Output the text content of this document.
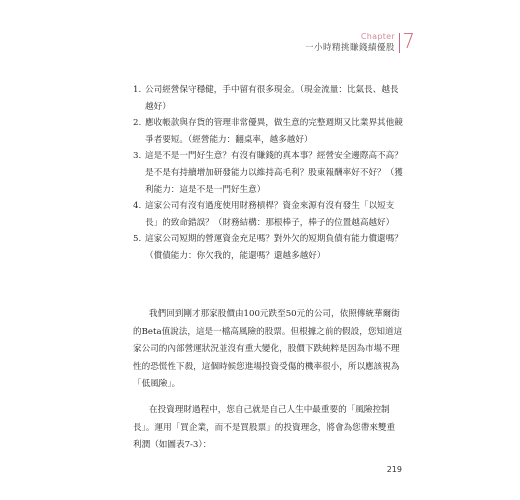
Chapter
一小時精挑賺錢績優股 7
1. 公司經營保守穩健，手中留有很多現金。（現金流量：比氣長、越長越好）
2. 應收帳款與存貨的管理非常優異，做生意的完整週期又比業界其他競爭者要短。（經營能力：翻桌率，越多越好）
3. 這是不是一門好生意？有沒有賺錢的真本事？經營安全邊際高不高？是不是有持續增加研發能力以維持高毛利？股東報酬率好不好？（獲利能力：這是不是一門好生意）
4. 這家公司有沒有過度使用財務槓桿？資金來源有沒有發生「以短支長」的致命錯誤？（財務結構：那根棒子，棒子的位置越高越好）
5. 這家公司短期的營運資金充足嗎？對外欠的短期負債有能力償還嗎？（償債能力：你欠我的，能還嗎？還越多越好）

我們回到剛才那家股價由100元跌至50元的公司，依照傳統華爾街的Beta值說法，這是一檔高風險的股票。但根據之前的假設，您知道這家公司的內部營運狀況並沒有重大變化，股價下跌純粹是因為市場不理性的恐慌性下殺，這個時候您進場投資受傷的機率很小，所以應該視為「低風險」。

在投資理財過程中，您自己就是自己人生中最重要的「風險控制長」。運用「買企業，而不是買股票」的投資理念，將會為您帶來雙重利潤（如圖表7-3）：

219
